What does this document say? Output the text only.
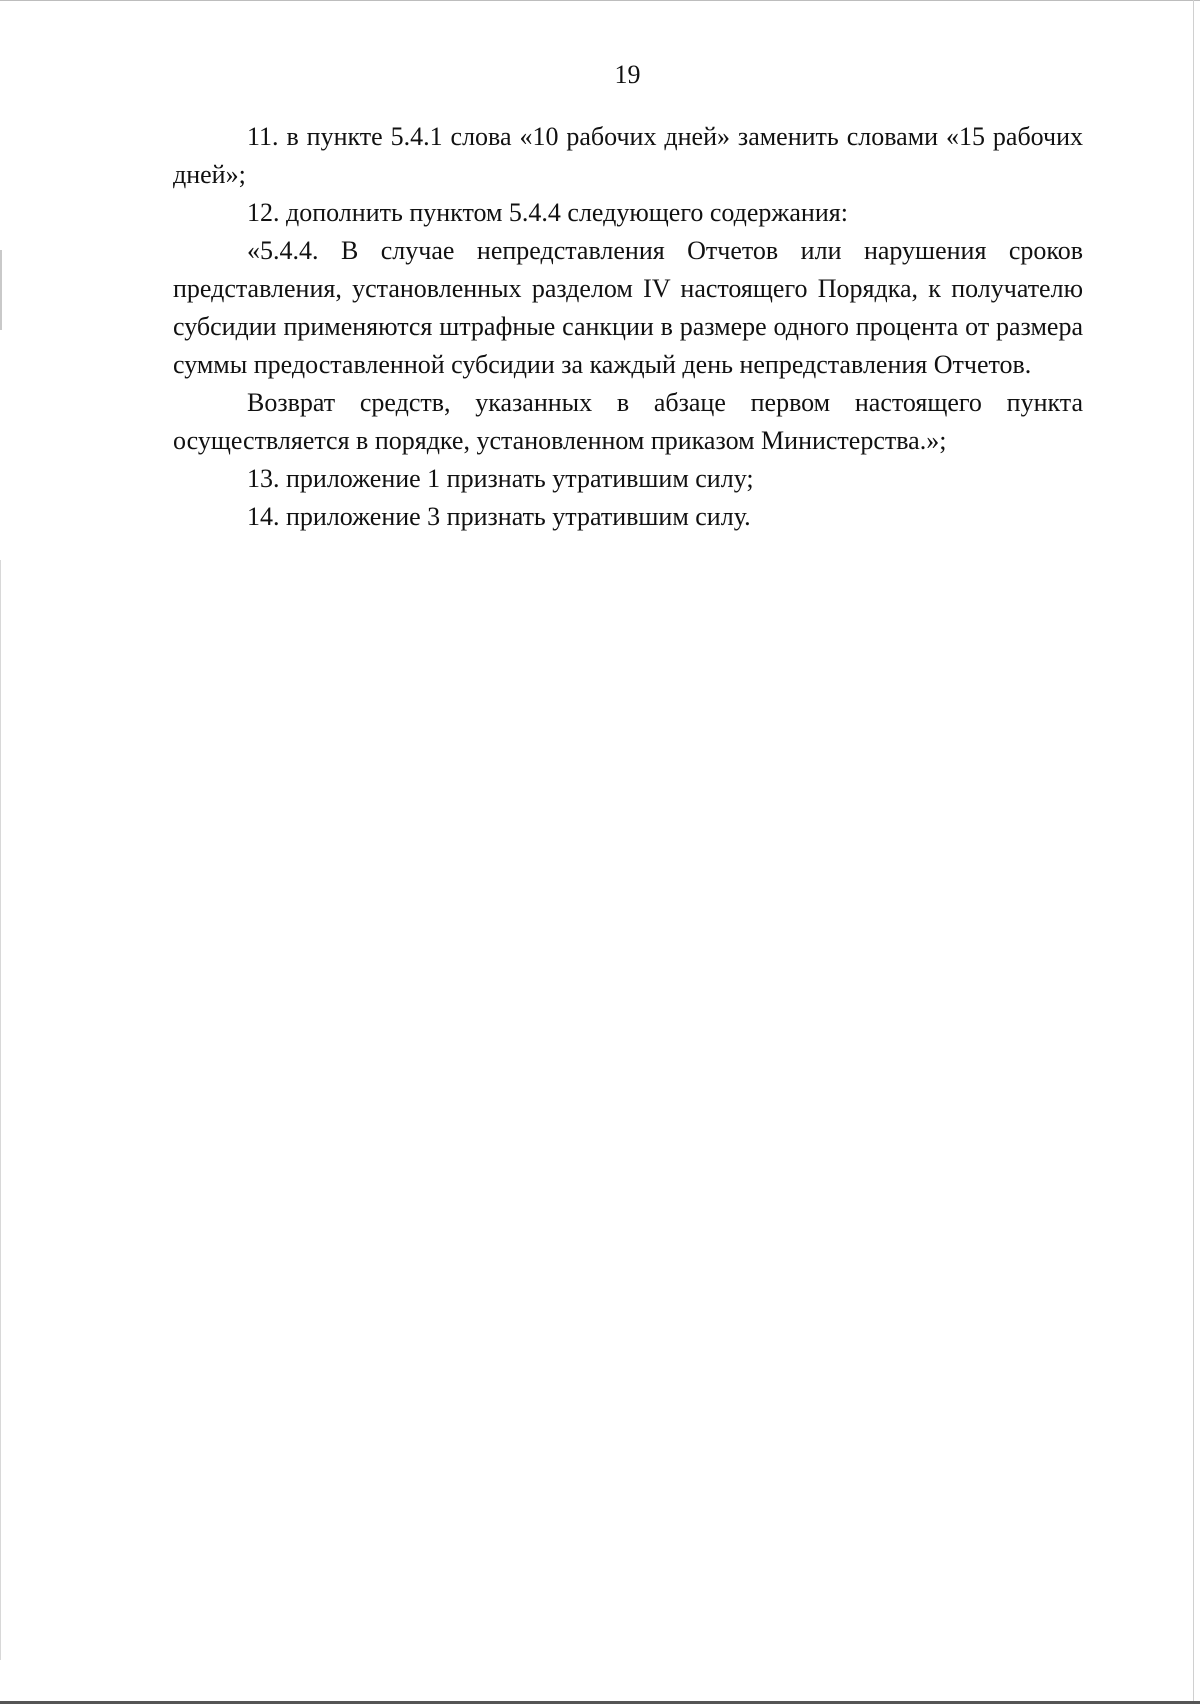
19

11. в пункте 5.4.1 слова «10 рабочих дней» заменить словами «15 рабочих дней»;

12. дополнить пунктом 5.4.4 следующего содержания:

«5.4.4. В случае непредставления Отчетов или нарушения сроков представления, установленных разделом IV настоящего Порядка, к получателю субсидии применяются штрафные санкции в размере одного процента от размера суммы предоставленной субсидии за каждый день непредставления Отчетов.

Возврат средств, указанных в абзаце первом настоящего пункта осуществляется в порядке, установленном приказом Министерства.»;

13. приложение 1 признать утратившим силу;

14. приложение 3 признать утратившим силу.
